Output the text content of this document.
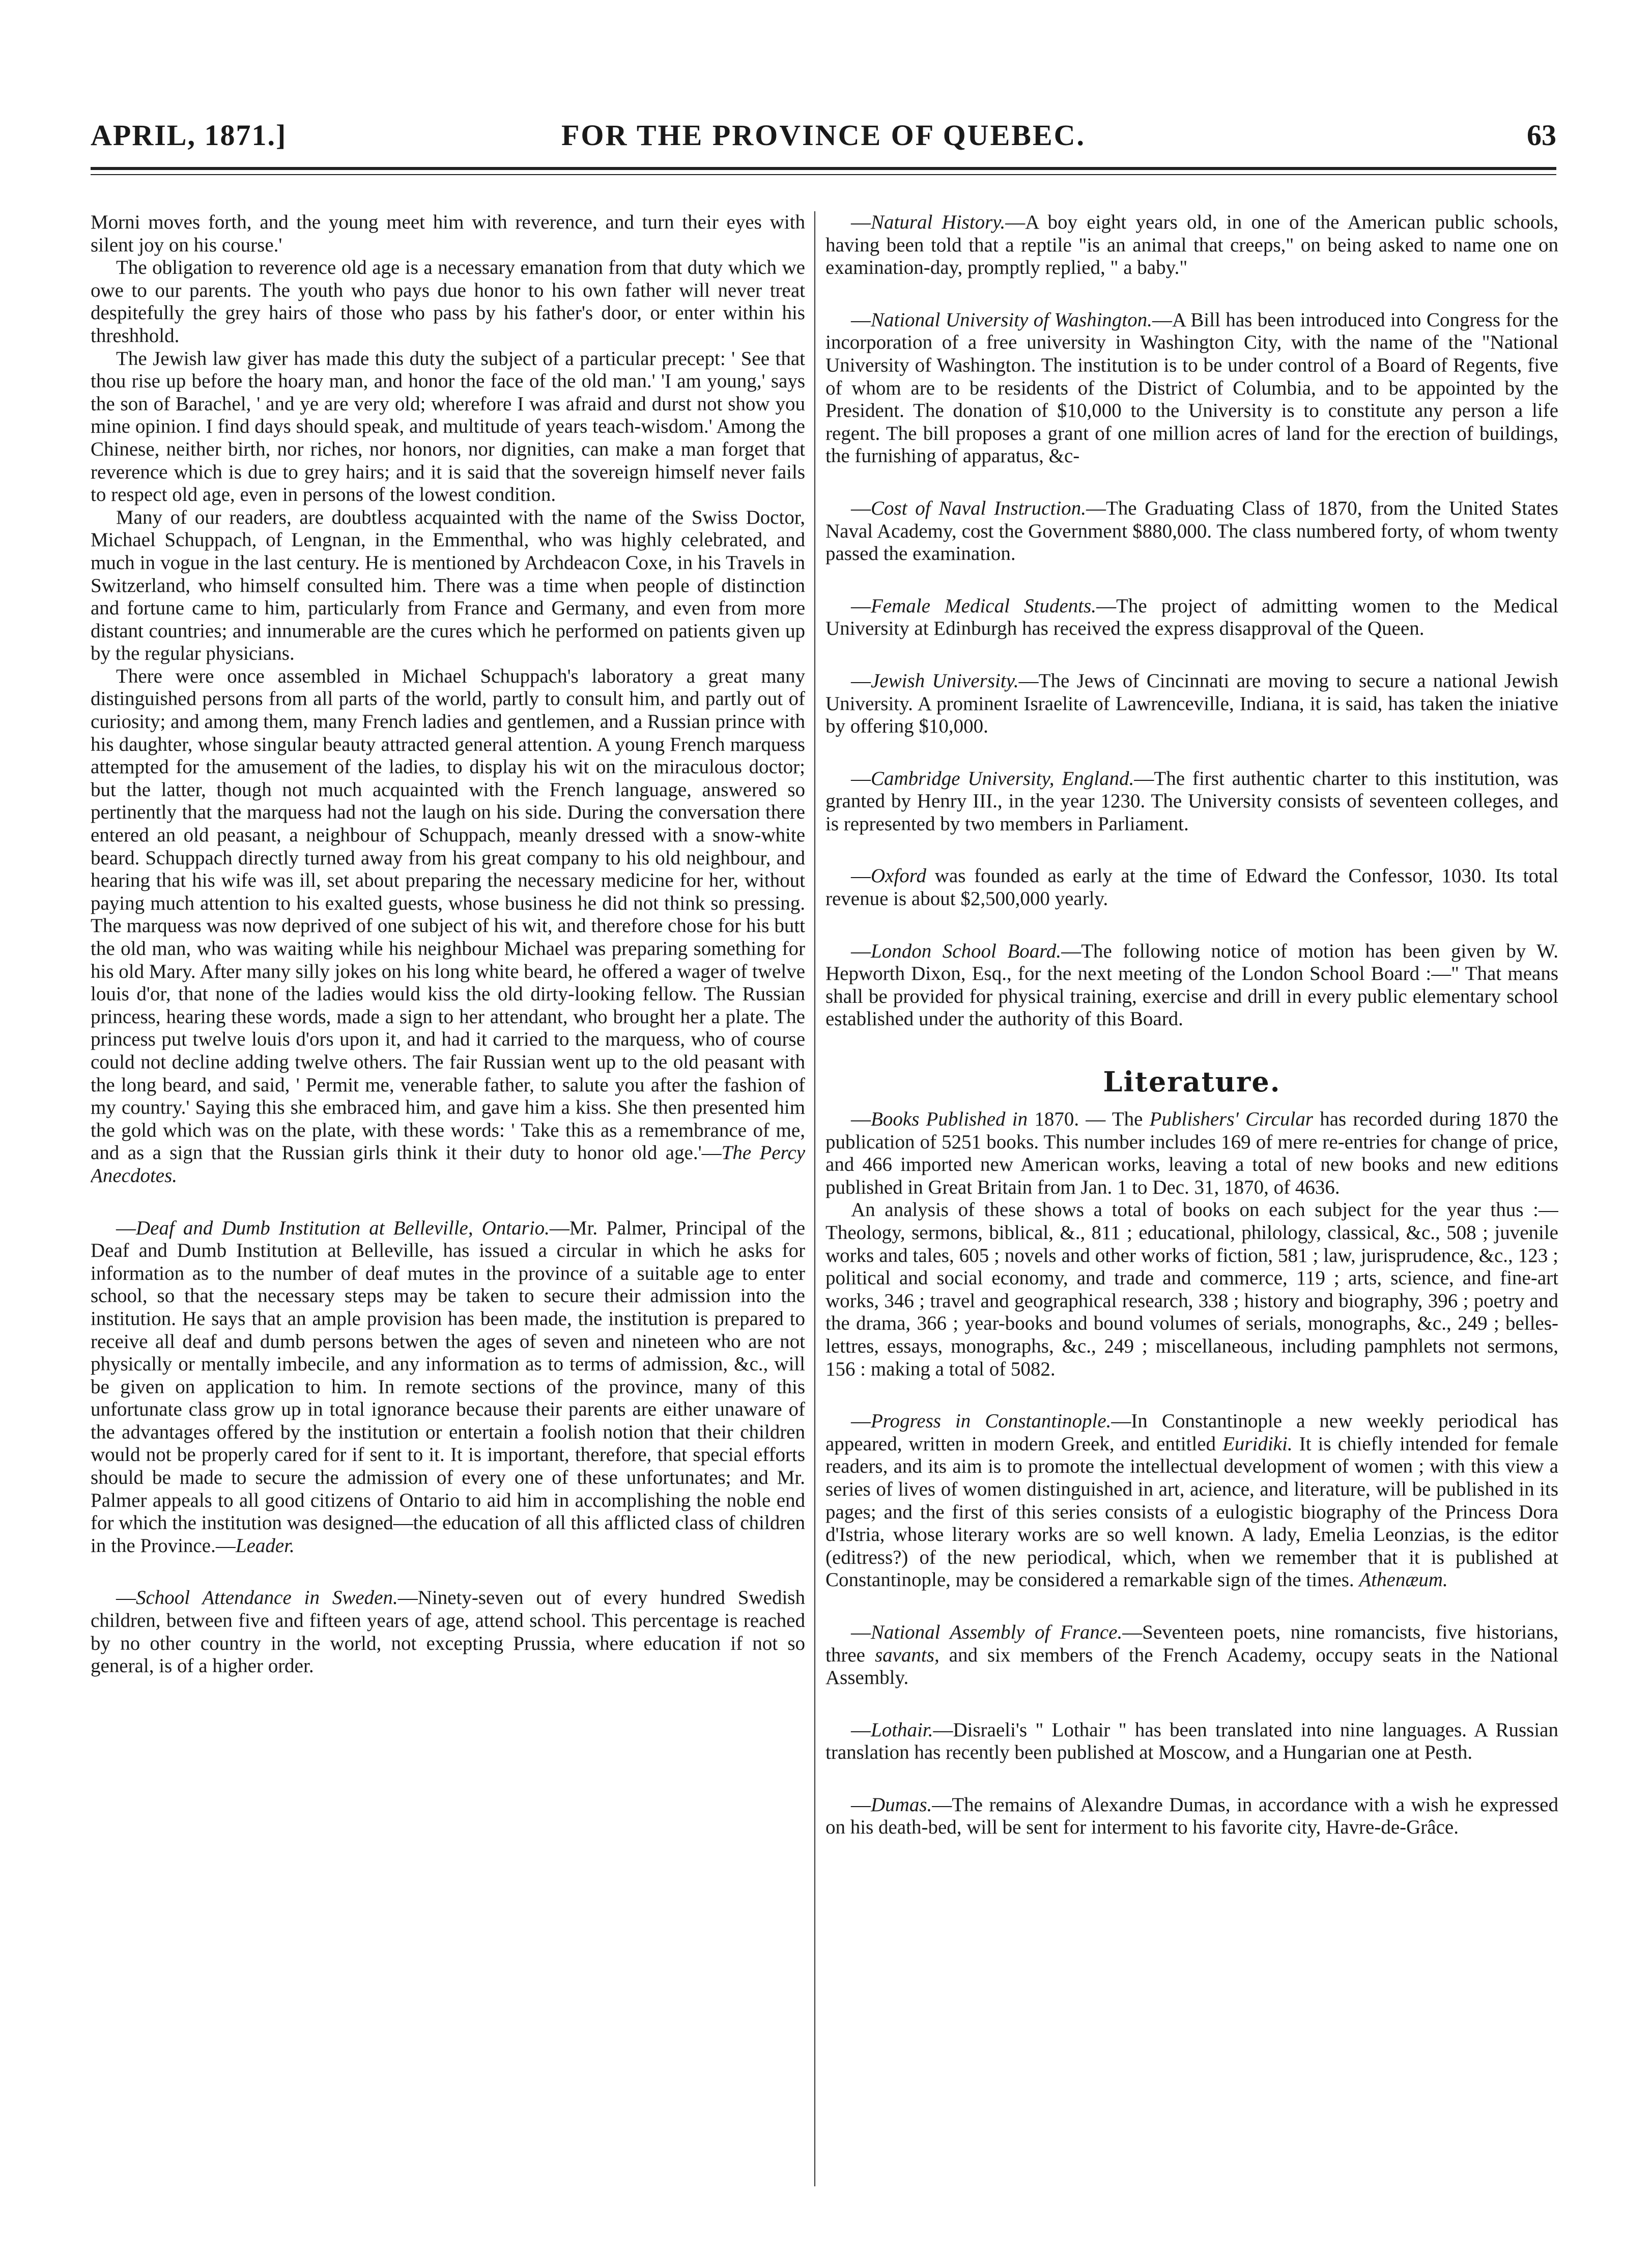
APRIL, 1871.]	FOR THE PROVINCE OF QUEBEC.	63

Morni moves forth, and the young meet him with reverence, and turn their eyes with silent joy on his course.'

The obligation to reverence old age is a necessary emanation from that duty which we owe to our parents. The youth who pays due honor to his own father will never treat despitefully the grey hairs of those who pass by his father's door, or enter within his threshhold.

The Jewish law giver has made this duty the subject of a particular precept: ' See that thou rise up before the hoary man, and honor the face of the old man.' 'I am young,' says the son of Barachel, ' and ye are very old; wherefore I was afraid and durst not show you mine opinion. I find days should speak, and multitude of years teach-wisdom.' Among the Chinese, neither birth, nor riches, nor honors, nor dignities, can make a man forget that reverence which is due to grey hairs; and it is said that the sovereign himself never fails to respect old age, even in persons of the lowest condition.

Many of our readers, are doubtless acquainted with the name of the Swiss Doctor, Michael Schuppach, of Lengnan, in the Emmenthal, who was highly celebrated, and much in vogue in the last century. He is mentioned by Archdeacon Coxe, in his Travels in Switzerland, who himself consulted him. There was a time when people of distinction and fortune came to him, particularly from France and Germany, and even from more distant countries; and innumerable are the cures which he performed on patients given up by the regular physicians.

There were once assembled in Michael Schuppach's laboratory a great many distinguished persons from all parts of the world, partly to consult him, and partly out of curiosity; and among them, many French ladies and gentlemen, and a Russian prince with his daughter, whose singular beauty attracted general attention. A young French marquess attempted for the amusement of the ladies, to display his wit on the miraculous doctor; but the latter, though not much acquainted with the French language, answered so pertinently that the marquess had not the laugh on his side. During the conversation there entered an old peasant, a neighbour of Schuppach, meanly dressed with a snow-white beard. Schuppach directly turned away from his great company to his old neighbour, and hearing that his wife was ill, set about preparing the necessary medicine for her, without paying much attention to his exalted guests, whose business he did not think so pressing. The marquess was now deprived of one subject of his wit, and therefore chose for his butt the old man, who was waiting while his neighbour Michael was preparing something for his old Mary. After many silly jokes on his long white beard, he offered a wager of twelve louis d'or, that none of the ladies would kiss the old dirty-looking fellow. The Russian princess, hearing these words, made a sign to her attendant, who brought her a plate. The princess put twelve louis d'ors upon it, and had it carried to the marquess, who of course could not decline adding twelve others. The fair Russian went up to the old peasant with the long beard, and said, ' Permit me, venerable father, to salute you after the fashion of my country.' Saying this she embraced him, and gave him a kiss. She then presented him the gold which was on the plate, with these words: ' Take this as a remembrance of me, and as a sign that the Russian girls think it their duty to honor old age.'—The Percy Anecdotes.

—Deaf and Dumb Institution at Belleville, Ontario.—Mr. Palmer, Principal of the Deaf and Dumb Institution at Belleville, has issued a circular in which he asks for information as to the number of deaf mutes in the province of a suitable age to enter school, so that the necessary steps may be taken to secure their admission into the institution. He says that an ample provision has been made, the institution is prepared to receive all deaf and dumb persons betwen the ages of seven and nineteen who are not physically or mentally imbecile, and any information as to terms of admission, &c., will be given on application to him. In remote sections of the province, many of this unfortunate class grow up in total ignorance because their parents are either unaware of the advantages offered by the institution or entertain a foolish notion that their children would not be properly cared for if sent to it. It is important, therefore, that special efforts should be made to secure the admission of every one of these unfortunates; and Mr. Palmer appeals to all good citizens of Ontario to aid him in accomplishing the noble end for which the institution was designed—the education of all this afflicted class of children in the Province.—Leader.

—School Attendance in Sweden.—Ninety-seven out of every hundred Swedish children, between five and fifteen years of age, attend school. This percentage is reached by no other country in the world, not excepting Prussia, where education if not so general, is of a higher order.

—Natural History.—A boy eight years old, in one of the American public schools, having been told that a reptile "is an animal that creeps," on being asked to name one on examination-day, promptly replied, " a baby."

—National University of Washington.—A Bill has been introduced into Congress for the incorporation of a free university in Washington City, with the name of the "National University of Washington. The institution is to be under control of a Board of Regents, five of whom are to be residents of the District of Columbia, and to be appointed by the President. The donation of $10,000 to the University is to constitute any person a life regent. The bill proposes a grant of one million acres of land for the erection of buildings, the furnishing of apparatus, &c-

—Cost of Naval Instruction.—The Graduating Class of 1870, from the United States Naval Academy, cost the Government $880,000. The class numbered forty, of whom twenty passed the examination.

—Female Medical Students.—The project of admitting women to the Medical University at Edinburgh has received the express disapproval of the Queen.

—Jewish University.—The Jews of Cincinnati are moving to secure a national Jewish University. A prominent Israelite of Lawrenceville, Indiana, it is said, has taken the iniative by offering $10,000.

—Cambridge University, England.—The first authentic charter to this institution, was granted by Henry III., in the year 1230. The University consists of seventeen colleges, and is represented by two members in Parliament.

—Oxford was founded as early at the time of Edward the Confessor, 1030. Its total revenue is about $2,500,000 yearly.

—London School Board.—The following notice of motion has been given by W. Hepworth Dixon, Esq., for the next meeting of the London School Board :—" That means shall be provided for physical training, exercise and drill in every public elementary school established under the authority of this Board.

Literature.

—Books Published in 1870. — The Publishers' Circular has recorded during 1870 the publication of 5251 books. This number includes 169 of mere re-entries for change of price, and 466 imported new American works, leaving a total of new books and new editions published in Great Britain from Jan. 1 to Dec. 31, 1870, of 4636.

An analysis of these shows a total of books on each subject for the year thus :—Theology, sermons, biblical, &., 811 ; educational, philology, classical, &c., 508 ; juvenile works and tales, 605 ; novels and other works of fiction, 581 ; law, jurisprudence, &c., 123 ; political and social economy, and trade and commerce, 119 ; arts, science, and fine-art works, 346 ; travel and geographical research, 338 ; history and biography, 396 ; poetry and the drama, 366 ; year-books and bound volumes of serials, monographs, &c., 249 ; belles-lettres, essays, monographs, &c., 249 ; miscellaneous, including pamphlets not sermons, 156 : making a total of 5082.

—Progress in Constantinople.—In Constantinople a new weekly periodical has appeared, written in modern Greek, and entitled Euridiki. It is chiefly intended for female readers, and its aim is to promote the intellectual development of women ; with this view a series of lives of women distinguished in art, acience, and literature, will be published in its pages; and the first of this series consists of a eulogistic biography of the Princess Dora d'Istria, whose literary works are so well known. A lady, Emelia Leonzias, is the editor (editress?) of the new periodical, which, when we remember that it is published at Constantinople, may be considered a remarkable sign of the times. Athenæum.

—National Assembly of France.—Seventeen poets, nine romancists, five historians, three savants, and six members of the French Academy, occupy seats in the National Assembly.

—Lothair.—Disraeli's " Lothair " has been translated into nine languages. A Russian translation has recently been published at Moscow, and a Hungarian one at Pesth.

—Dumas.—The remains of Alexandre Dumas, in accordance with a wish he expressed on his death-bed, will be sent for interment to his favorite city, Havre-de-Grâce.
